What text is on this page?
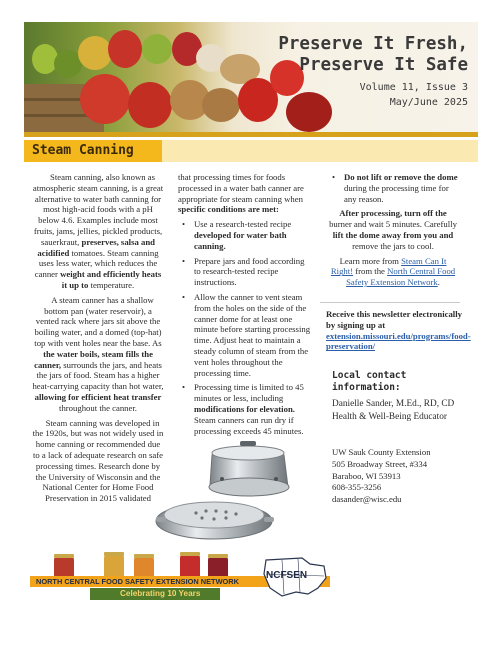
Preserve It Fresh,
Preserve It Safe
Volume 11, Issue 3
May/June 2025
Steam Canning

Steam canning, also known as atmospheric steam canning, is a great alternative to water bath canning for most high-acid foods with a pH below 4.6. Examples include most fruits, jams, jellies, pickled products, sauerkraut, preserves, salsa and acidified tomatoes. Steam canning uses less water, which reduces the canner weight and efficiently heats it up to temperature.

A steam canner has a shallow bottom pan (water reservoir), a vented rack where jars sit above the boiling water, and a domed (top-hat) top with vent holes near the base. As the water boils, steam fills the canner, surrounds the jars, and heats the jars of food. Steam has a higher heat-carrying capacity than hot water, allowing for efficient heat transfer throughout the canner.

Steam canning was developed in the 1920s, but was not widely used in home canning or recommended due to a lack of adequate research on safe processing times. Research done by the University of Wisconsin and the National Center for Home Food Preservation in 2015 validated

that processing times for foods processed in a water bath canner are appropriate for steam canning when specific conditions are met:

• Use a research-tested recipe developed for water bath canning.
• Prepare jars and food according to research-tested recipe instructions.
• Allow the canner to vent steam from the holes on the side of the canner dome for at least one minute before starting processing time. Adjust heat to maintain a steady column of steam from the vent holes throughout the processing time.
• Processing time is limited to 45 minutes or less, including modifications for elevation. Steam canners can run dry if processing exceeds 45 minutes.
• Do not lift or remove the dome during the processing time for any reason.

After processing, turn off the burner and wait 5 minutes. Carefully lift the dome away from you and remove the jars to cool.

Learn more from Steam Can It Right! from the North Central Food Safety Extension Network.

Receive this newsletter electronically by signing up at extension.missouri.edu/programs/food-preservation/
Local contact
information:
Danielle Sander, M.Ed., RD, CD
Health & Well-Being Educator
UW Sauk County Extension
505 Broadway Street, #334
Baraboo, WI 53913
608-355-3256
dasander@wisc.edu
NORTH CENTRAL FOOD SAFETY EXTENSION NETWORK
Celebrating 10 Years
NCFSEN
